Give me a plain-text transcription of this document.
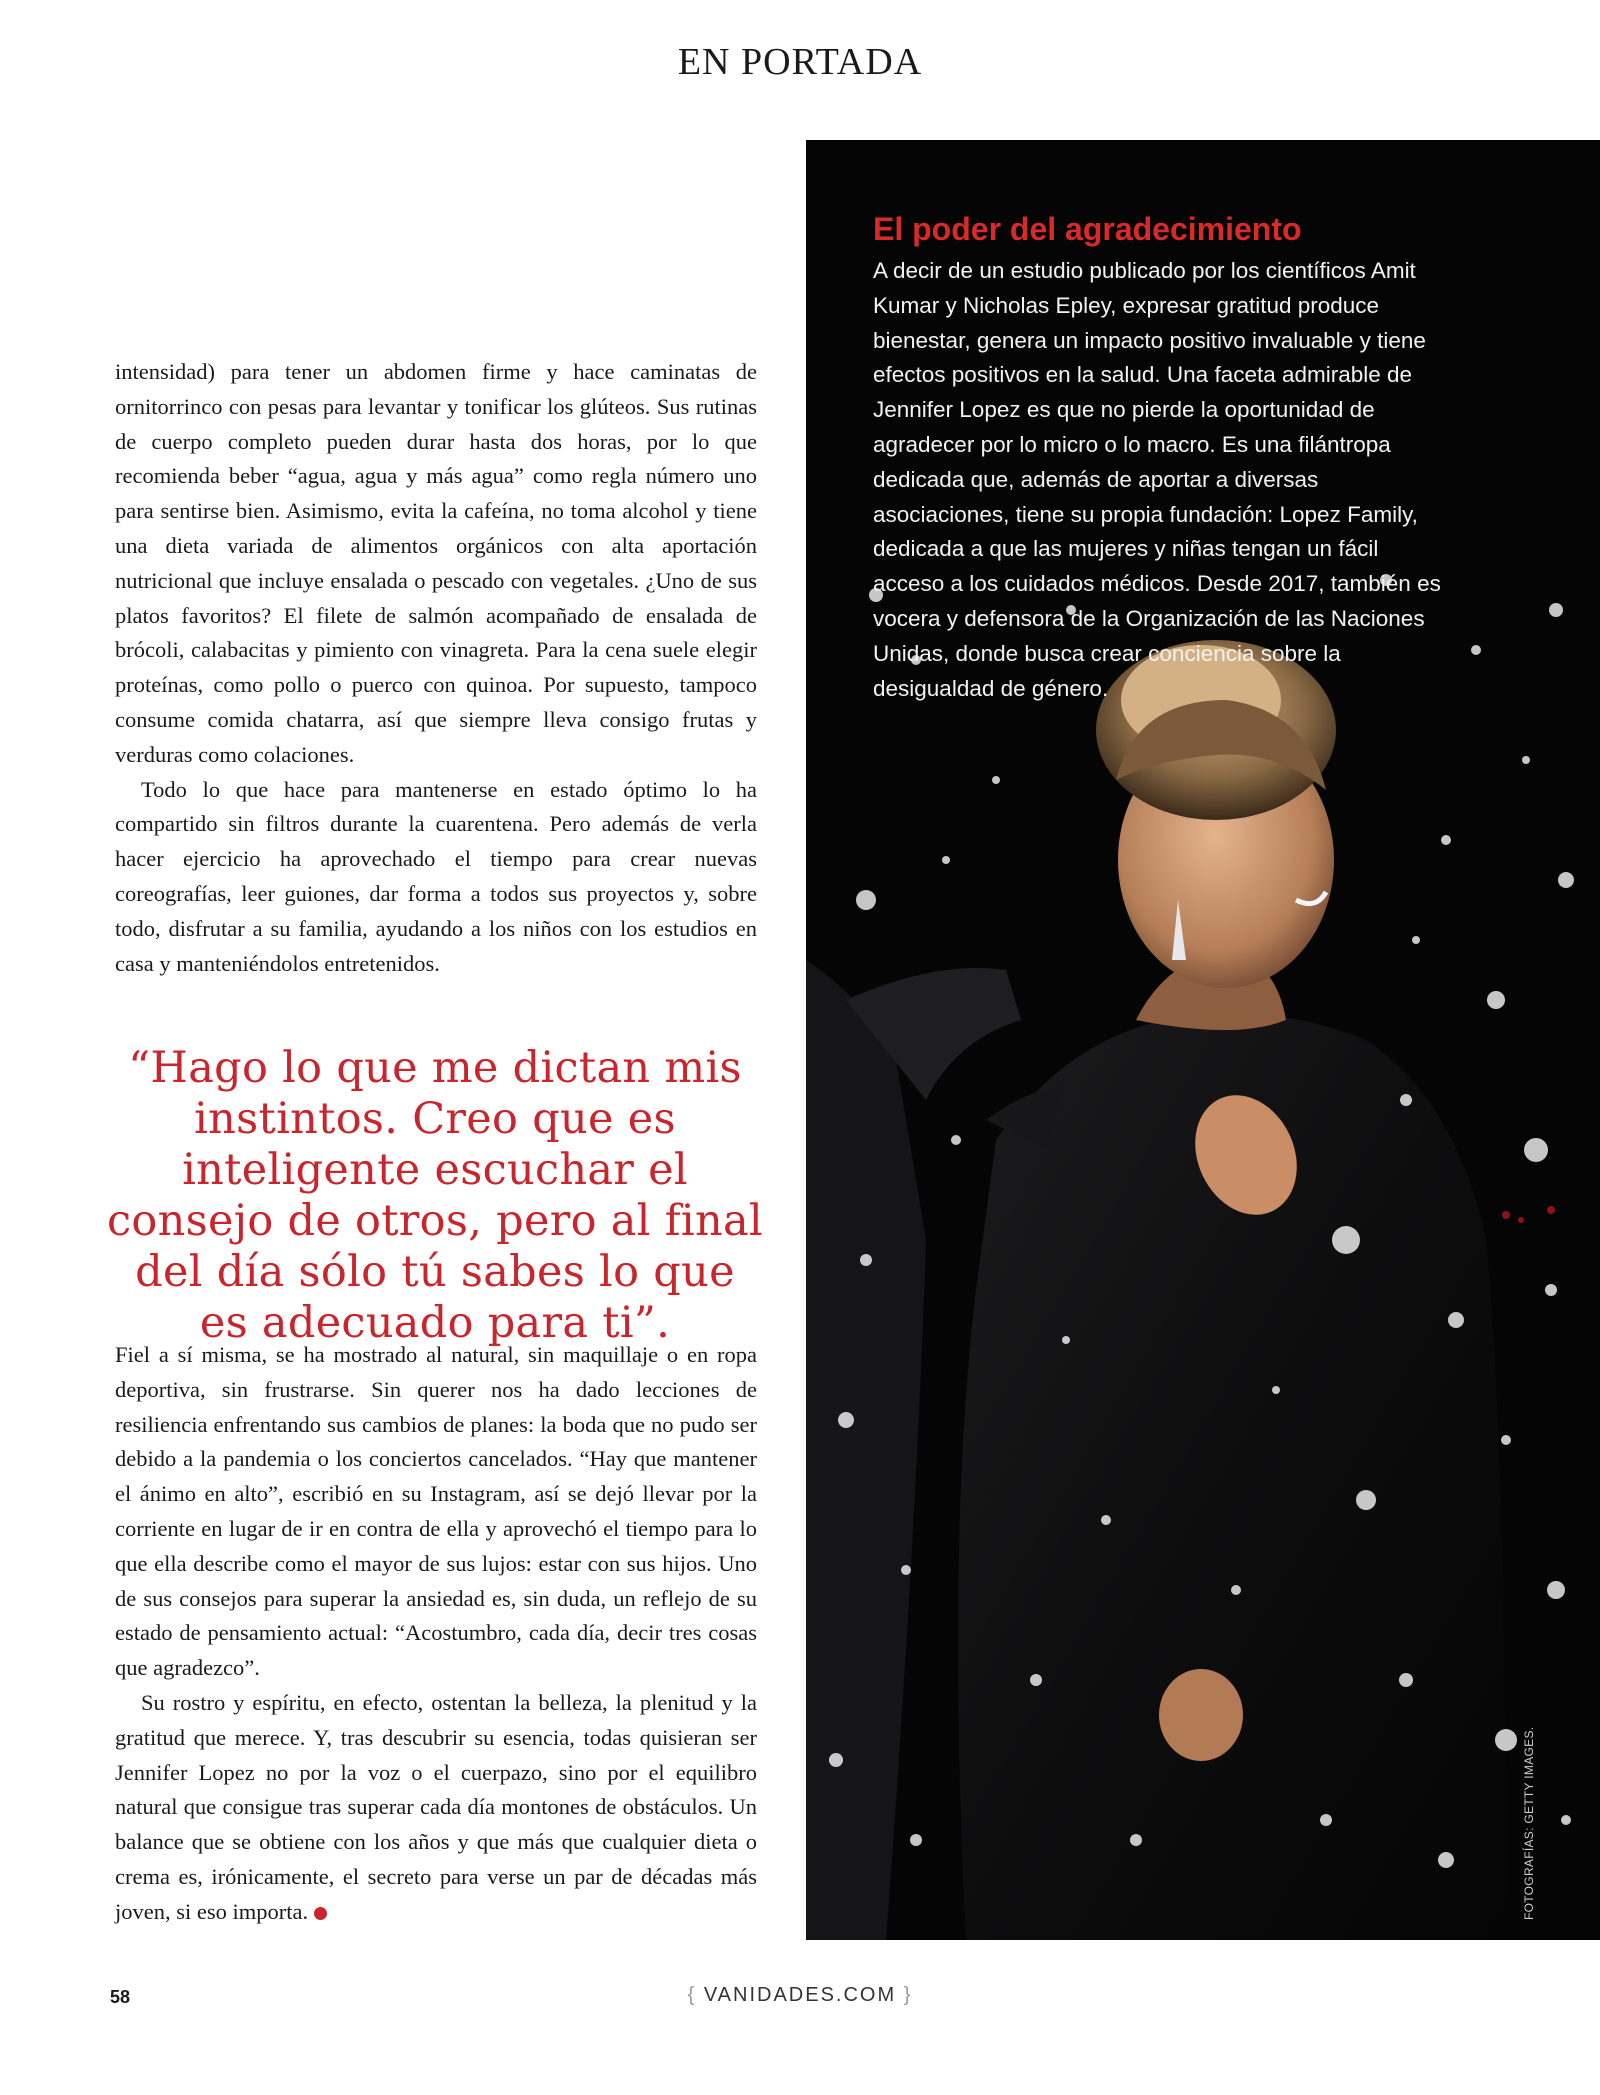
EN PORTADA

intensidad) para tener un abdomen firme y hace caminatas de ornitorrinco con pesas para levantar y tonificar los glúteos. Sus rutinas de cuerpo completo pueden durar hasta dos horas, por lo que recomienda beber “agua, agua y más agua” como regla número uno para sentirse bien. Asimismo, evita la cafeína, no toma alcohol y tiene una dieta variada de alimentos orgánicos con alta aportación nutricional que incluye ensalada o pescado con vegetales. ¿Uno de sus platos favoritos? El filete de salmón acompañado de ensalada de brócoli, calabacitas y pimiento con vinagreta. Para la cena suele elegir proteínas, como pollo o puerco con quinoa. Por supuesto, tampoco consume comida chatarra, así que siempre lleva consigo frutas y verduras como colaciones.

Todo lo que hace para mantenerse en estado óptimo lo ha compartido sin filtros durante la cuarentena. Pero además de verla hacer ejercicio ha aprovechado el tiempo para crear nuevas coreografías, leer guiones, dar forma a todos sus proyectos y, sobre todo, disfrutar a su familia, ayudando a los niños con los estudios en casa y manteniéndolos entretenidos.

“Hago lo que me dictan mis instintos. Creo que es inteligente escuchar el consejo de otros, pero al final del día sólo tú sabes lo que es adecuado para ti”.

Fiel a sí misma, se ha mostrado al natural, sin maquillaje o en ropa deportiva, sin frustrarse. Sin querer nos ha dado lecciones de resiliencia enfrentando sus cambios de planes: la boda que no pudo ser debido a la pandemia o los conciertos cancelados. “Hay que mantener el ánimo en alto”, escribió en su Instagram, así se dejó llevar por la corriente en lugar de ir en contra de ella y aprovechó el tiempo para lo que ella describe como el mayor de sus lujos: estar con sus hijos. Uno de sus consejos para superar la ansiedad es, sin duda, un reflejo de su estado de pensamiento actual: “Acostumbro, cada día, decir tres cosas que agradezco”.

Su rostro y espíritu, en efecto, ostentan la belleza, la plenitud y la gratitud que merece. Y, tras descubrir su esencia, todas quisieran ser Jennifer Lopez no por la voz o el cuerpazo, sino por el equilibro natural que consigue tras superar cada día montones de obstáculos. Un balance que se obtiene con los años y que más que cualquier dieta o crema es, irónicamente, el secreto para verse un par de décadas más joven, si eso importa.

El poder del agradecimiento
A decir de un estudio publicado por los científicos Amit Kumar y Nicholas Epley, expresar gratitud produce bienestar, genera un impacto positivo invaluable y tiene efectos positivos en la salud. Una faceta admirable de Jennifer Lopez es que no pierde la oportunidad de agradecer por lo micro o lo macro. Es una filántropa dedicada que, además de aportar a diversas asociaciones, tiene su propia fundación: Lopez Family, dedicada a que las mujeres y niñas tengan un fácil acceso a los cuidados médicos. Desde 2017, también es vocera y defensora de la Organización de las Naciones Unidas, donde busca crear conciencia sobre la desigualdad de género.
FOTOGRAFÍAS: GETTY IMAGES.
58	{ VANIDADES.COM }
